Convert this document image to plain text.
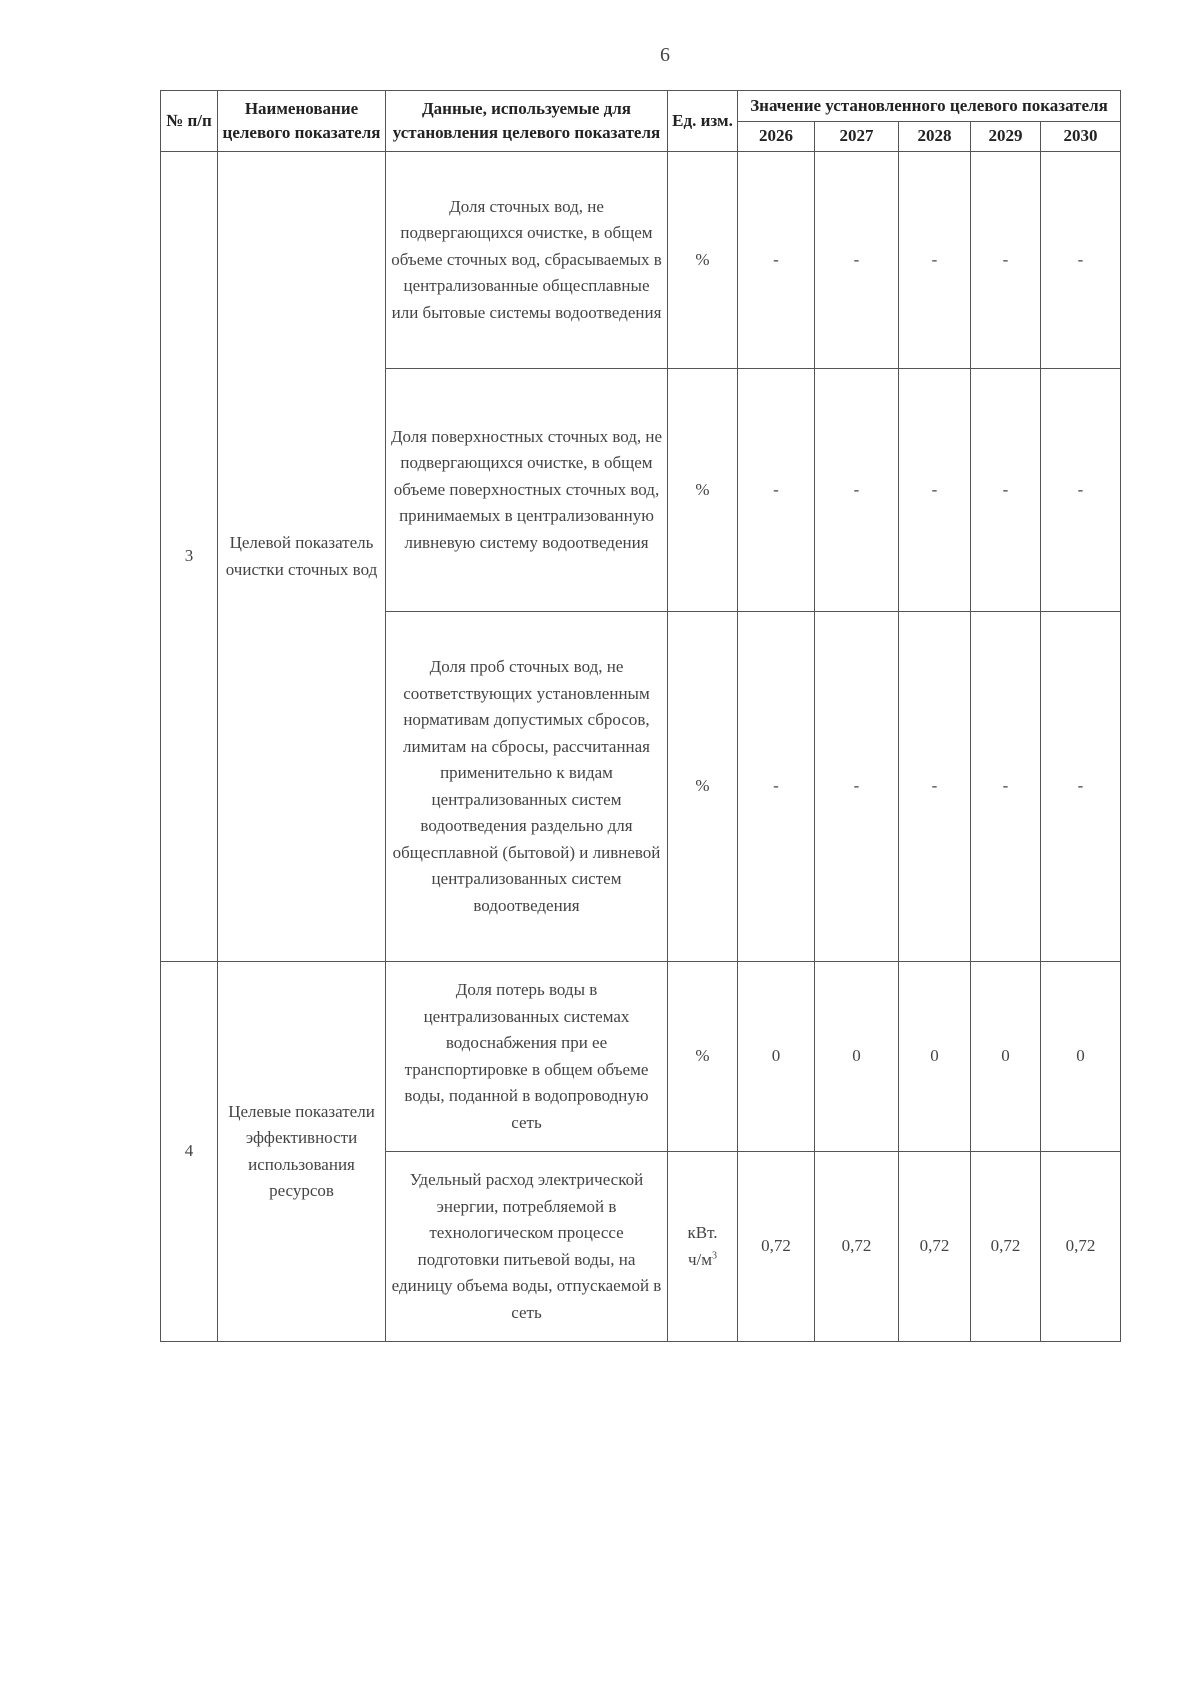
6
№ п/п	Наименование целевого показателя	Данные, используемые для установления целевого показателя	Ед. изм.	Значение установленного целевого показателя				
				2026	2027	2028	2029	2030
3	Целевой показатель очистки сточных вод	Доля сточных вод, не подвергающихся очистке, в общем объеме сточных вод, сбрасываемых в централизованные общесплавные или бытовые системы водоотведения	%	-	-	-	-	-
		Доля поверхностных сточных вод, не подвергающихся очистке, в общем объеме поверхностных сточных вод, принимаемых в централизованную ливневую систему водоотведения	%	-	-	-	-	-
		Доля проб сточных вод, не соответствующих установленным нормативам допустимых сбросов, лимитам на сбросы, рассчитанная применительно к видам централизованных систем водоотведения раздельно для общесплавной (бытовой) и ливневой централизованных систем водоотведения	%	-	-	-	-	-
4	Целевые показатели эффективности использования ресурсов	Доля потерь воды в централизованных системах водоснабжения при ее транспортировке в общем объеме воды, поданной в водопроводную сеть	%	0	0	0	0	0
		Удельный расход электрической энергии, потребляемой в технологическом процессе подготовки питьевой воды, на единицу объема воды, отпускаемой в сеть	кВт.
$ч/м^3$	0,72	0,72	0,72	0,72	0,72
